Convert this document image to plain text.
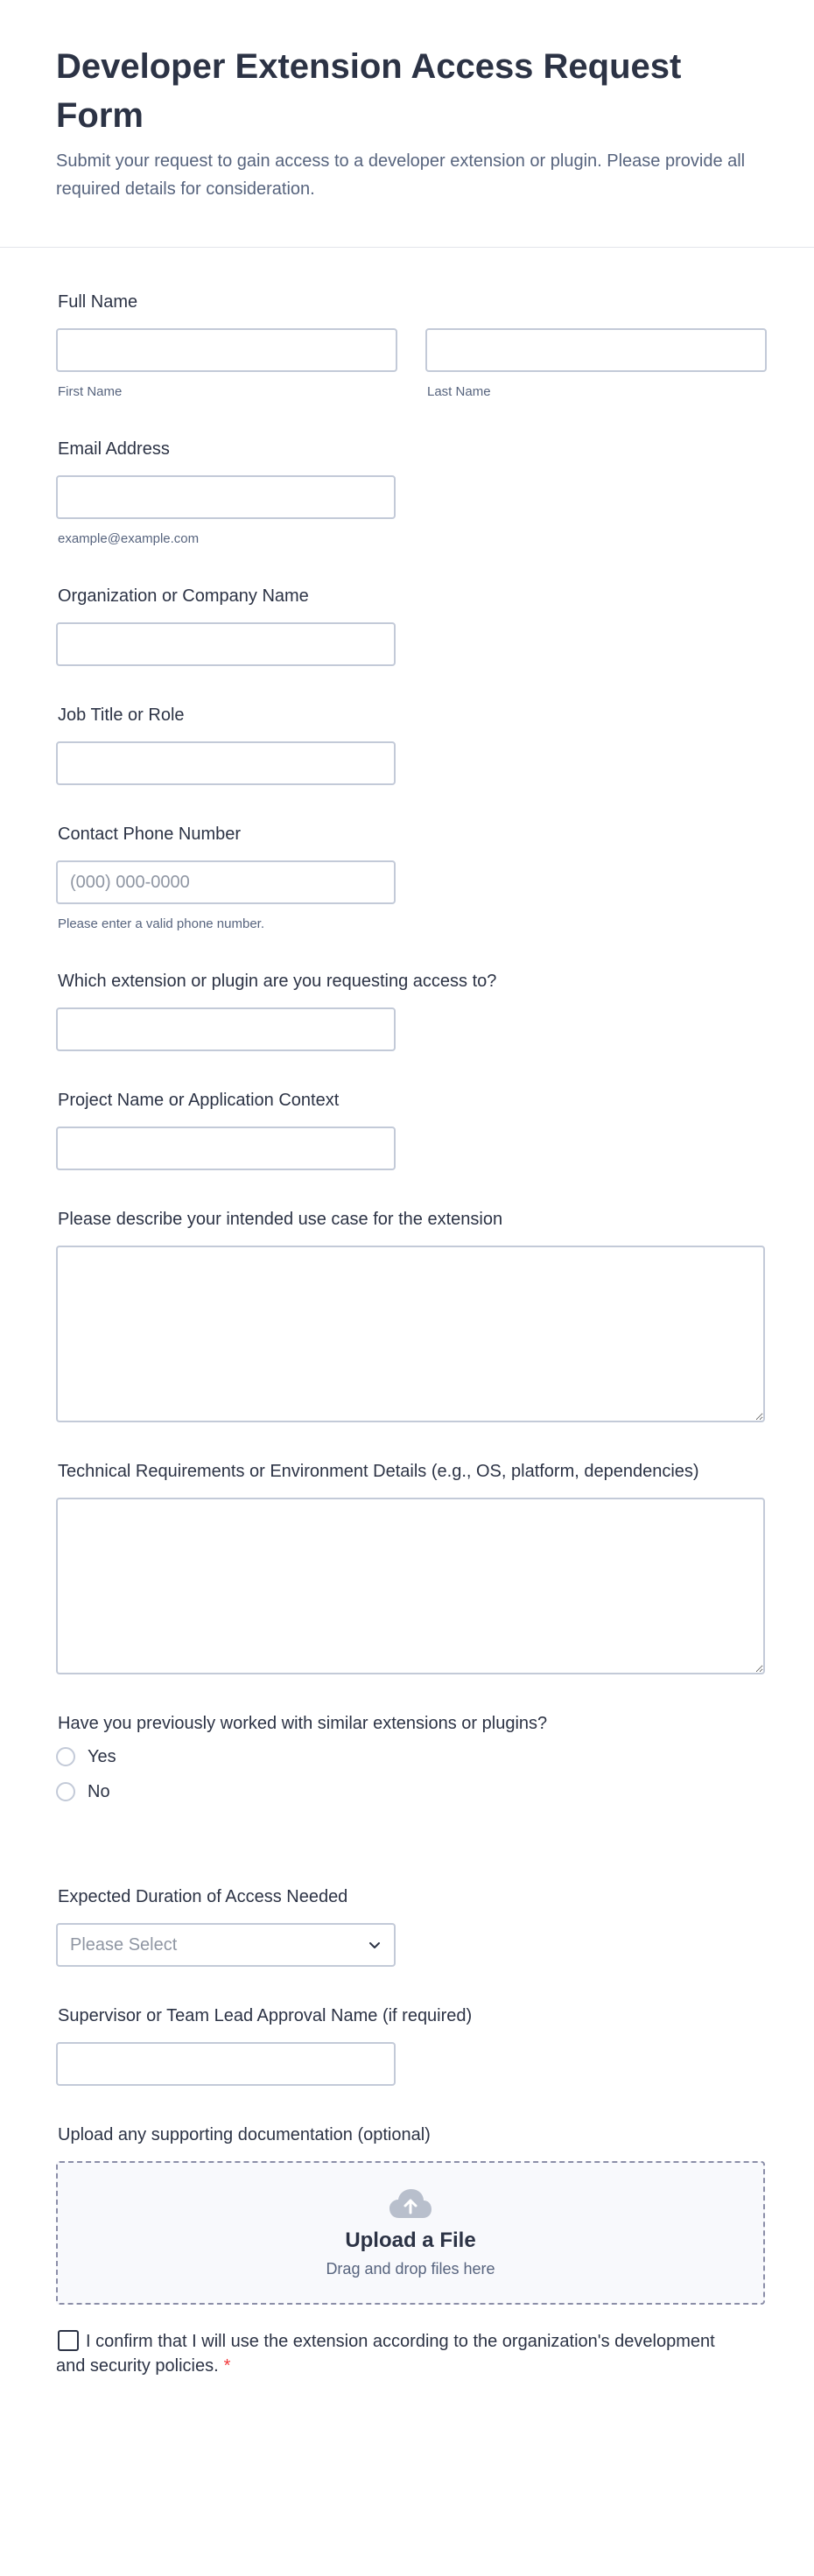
Developer Extension Access Request Form

Submit your request to gain access to a developer extension or plugin. Please provide all required details for consideration.

Full Name
First Name	Last Name
Email Address
example@example.com
Organization or Company Name
Job Title or Role
Contact Phone Number
(000) 000-0000
Please enter a valid phone number.
Which extension or plugin are you requesting access to?
Project Name or Application Context
Please describe your intended use case for the extension
Technical Requirements or Environment Details (e.g., OS, platform, dependencies)
Have you previously worked with similar extensions or plugins?
Yes
No
Expected Duration of Access Needed
Please Select
Supervisor or Team Lead Approval Name (if required)
Upload any supporting documentation (optional)
Upload a File
Drag and drop files here

I confirm that I will use the extension according to the organization's development and security policies. *
